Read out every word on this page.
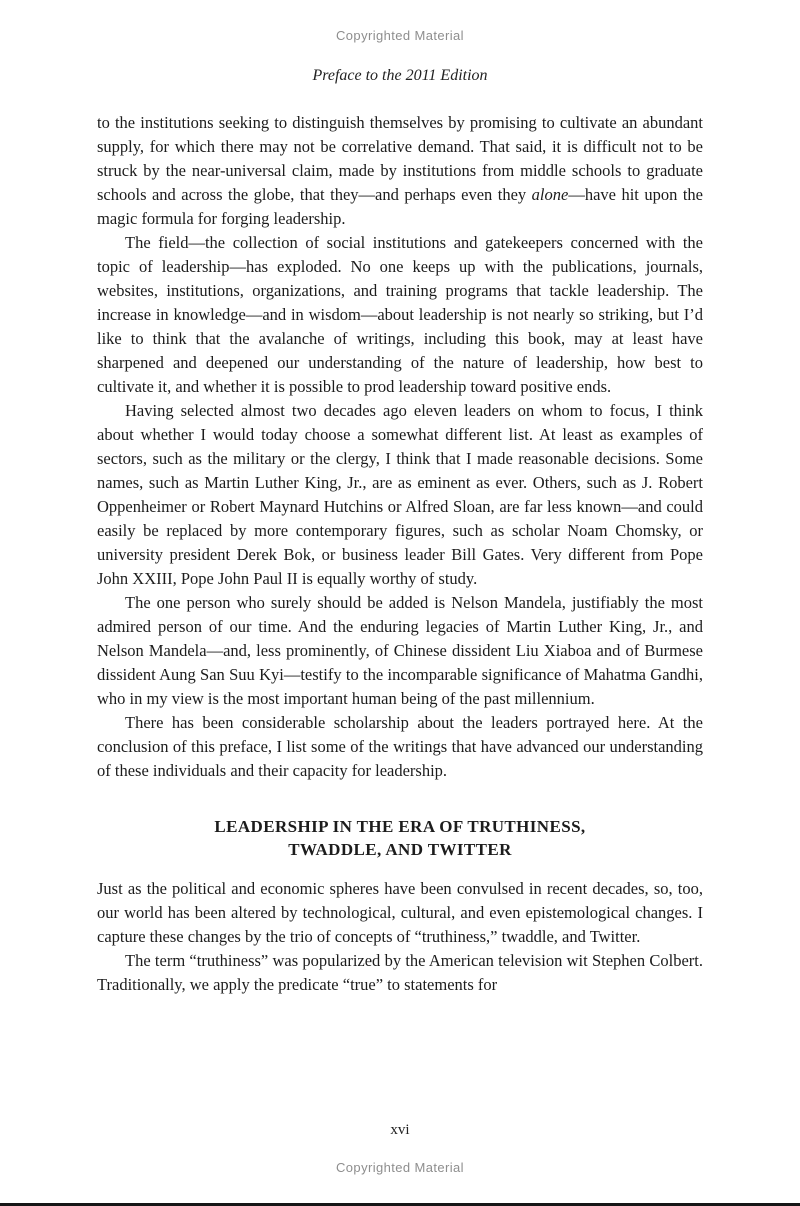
Copyrighted Material
Preface to the 2011 Edition

to the institutions seeking to distinguish themselves by promising to cultivate an abundant supply, for which there may not be correlative demand. That said, it is difficult not to be struck by the near-universal claim, made by institutions from middle schools to graduate schools and across the globe, that they—and perhaps even they alone—have hit upon the magic formula for forging leadership.

The field—the collection of social institutions and gatekeepers concerned with the topic of leadership—has exploded. No one keeps up with the publications, journals, websites, institutions, organizations, and training programs that tackle leadership. The increase in knowledge—and in wisdom—about leadership is not nearly so striking, but I’d like to think that the avalanche of writings, including this book, may at least have sharpened and deepened our understanding of the nature of leadership, how best to cultivate it, and whether it is possible to prod leadership toward positive ends.

Having selected almost two decades ago eleven leaders on whom to focus, I think about whether I would today choose a somewhat different list. At least as examples of sectors, such as the military or the clergy, I think that I made reasonable decisions. Some names, such as Martin Luther King, Jr., are as eminent as ever. Others, such as J. Robert Oppenheimer or Robert Maynard Hutchins or Alfred Sloan, are far less known—and could easily be replaced by more contemporary figures, such as scholar Noam Chomsky, or university president Derek Bok, or business leader Bill Gates. Very different from Pope John XXIII, Pope John Paul II is equally worthy of study.

The one person who surely should be added is Nelson Mandela, justifiably the most admired person of our time. And the enduring legacies of Martin Luther King, Jr., and Nelson Mandela—and, less prominently, of Chinese dissident Liu Xiaboa and of Burmese dissident Aung San Suu Kyi—testify to the incomparable significance of Mahatma Gandhi, who in my view is the most important human being of the past millennium.

There has been considerable scholarship about the leaders portrayed here. At the conclusion of this preface, I list some of the writings that have advanced our understanding of these individuals and their capacity for leadership.

LEADERSHIP IN THE ERA OF TRUTHINESS,
TWADDLE, AND TWITTER

Just as the political and economic spheres have been convulsed in recent decades, so, too, our world has been altered by technological, cultural, and even epistemological changes. I capture these changes by the trio of concepts of “truthiness,” twaddle, and Twitter.

The term “truthiness” was popularized by the American television wit Stephen Colbert. Traditionally, we apply the predicate “true” to statements for

xvi
Copyrighted Material
